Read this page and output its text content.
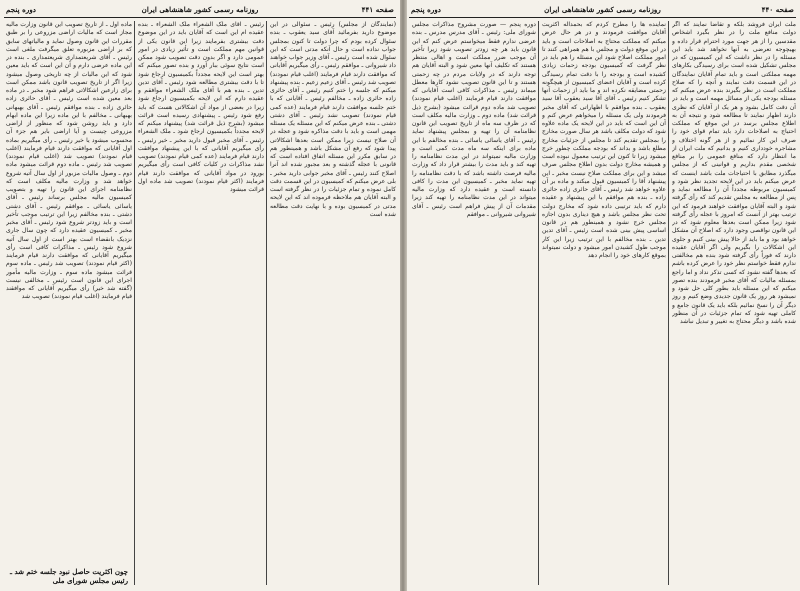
صفحه ۴۴۰
روزنامه رسمی کشور شاهنشاهی ایران
دوره پنجم
ملت ایران فروشد بلکه و تقاضا نمایند که اگر دولت منافع ملت را در نظر بگیرد اشخاص مقدسین را از هر جهت مورد احترام قرار داده و بهیچوجه تعرضی به آنها نخواهد شد باید این مسئله را در نظر داشت که این کمیسیون که در مجلس تشکیل شده است برای رسیدگی بکارهای مهمه مملکتی است و باید تمام آقایان نمایندگان در این قسمت دقت نمایند و آنچه را که صلاح مملکت است در نظر بگیرند بنده عرض میکنم که مسئله بودجه یکی از مسائل مهمه است و باید در آن دقت کامل بشود و هر یک از آقایان که نظری دارند اظهار نمایند تا مطالعه شود و نتیجه آن به اطلاع مجلس برسد در این موقع که مملکت احتیاج به اصلاحات دارد باید تمام قوای خود را صرف این کار نمائیم و از هر گونه اختلاف و مشاجره خودداری کنیم و بدانیم که ملت ایران از ما انتظار دارد که منافع عمومی را بر منافع شخصی مقدم بداریم و قوانینی که از مجلس میگذرد مطابق با احتیاجات ملت باشد اینست که عرض میکنم باید در این لایحه تجدید نظر شود و کمیسیون مربوطه مجدداً آن را مطالعه نماید و پس از مطالعه به مجلس تقدیم کند که رأی گرفته شود و البته آقایان موافقت خواهند فرمود که این ترتیب بهتر از آنست که امروز با عجله رأی گرفته شود زیرا ممکن است بعدها معلوم شود که در این قانون نواقصی وجود دارد که اصلاح آن مشکل خواهد بود و ما باید از حالا پیش بینی کنیم و جلوی این اشکالات را بگیریم ولی اگر آقایان عقیده دارند که فوراً رأی گرفته شود بنده هم مخالفتی ندارم فقط خواستم نظر خود را عرض کرده باشم که بعدها گفته نشود که کسی تذکر نداد و اما راجع بمسئله مالیات که آقای مخبر فرمودند بنده تصور میکنم که این مسئله باید بطور کلی حل شود و نمیشود هر روز یک قانون جدیدی وضع کنیم و روز دیگر آن را نسخ نمائیم بلکه باید یک قانون جامع و کاملی تهیه شود که تمام جزئیات در آن منظور شده باشد و دیگر محتاج به تغییر و تبدیل نباشد
نماینده ها را مطرح کردم که بحمداله اکثریت آقایان موافقت فرمودند و در هر حال عرض میکنم که مملکت محتاج به اصلاحات است و باید در این موقع دولت و مجلس با هم همراهی کنند تا امور مملکت اصلاح شود این مسئله را هم باید در نظر گرفت که کمیسیون بودجه زحمات زیادی کشیده است و بودجه را با دقت تمام رسیدگی کرده است و آقایان اعضای کمیسیون از هیچگونه زحمتی مضایقه نکرده اند و ما باید از زحمات آنها تشکر کنیم رئیس ـ آقای آقا سید یعقوب آقا سید یعقوب ـ بنده موافقم با اظهاراتی که آقای مخبر فرمودند ولی یک مسئله را میخواهم عرض کنم و آن این است که باید در این لایحه یک ماده علاوه شود که دولت مکلف باشد هر سال صورت مخارج را بمجلس تقدیم کند تا مجلس از جزئیات مخارج مطلع باشد و بداند که بودجه مملکت چطور خرج میشود زیرا تا کنون این ترتیب معمول نبوده است و همیشه مخارج دولت بدون اطلاع مجلس صرف میشد و این برای مملکت صلاح نیست مخبر ـ این پیشنهاد آقا را کمیسیون قبول میکند و ماده بر آن علاوه خواهد شد رئیس ـ آقای حائری زاده حائری زاده ـ بنده هم موافقم با این پیشنهاد و عقیده دارم که باید ترتیبی داده شود که مخارج دولت تحت نظر مجلس باشد و هیچ دیناری بدون اجازه مجلس خرج نشود و همینطور هم در قانون اساسی پیش بینی شده است رئیس ـ آقای تدین تدین ـ بنده مخالفم با این ترتیب زیرا این کار موجب طول کشیدن امور میشود و دولت نمیتواند بموقع کارهای خود را انجام دهد
دوره پنجم — صورت مشروح مذاکرات مجلس شورای ملی: رئیس ـ آقای مدرس مدرس ـ بنده عرضی ندارم فقط میخواستم عرض کنم که این قانون باید هر چه زودتر تصویب شود زیرا تأخیر آن موجب ضرر مملکت است و اهالی منتظر هستند که تکلیف آنها معین شود و البته آقایان هم توجه دارند که در ولایات مردم در چه زحمتی هستند و تا این قانون تصویب نشود کارها معطل میماند رئیس ـ مذاکرات کافی است آقایانی که موافقت دارند قیام فرمایند (اغلب قیام نمودند) تصویب شد ماده دوم قرائت میشود (بشرح ذیل قرائت شد) ماده دوم ـ وزارت مالیه مکلف است که در ظرف سه ماه از تاریخ تصویب این قانون نظامنامه آن را تهیه و بمجلس پیشنهاد نماید رئیس ـ آقای یاسائی یاسائی ـ بنده مخالفم با این ماده برای اینکه سه ماه مدت کمی است و وزارت مالیه نمیتواند در این مدت نظامنامه را تهیه کند و باید مدت را بیشتر قرار داد که وزارت مالیه فرصت داشته باشد که با دقت نظامنامه را تهیه نماید مخبر ـ کمیسیون این مدت را کافی دانسته است و عقیده دارد که وزارت مالیه میتواند در این مدت نظامنامه را تهیه کند زیرا مقدمات آن از پیش فراهم است رئیس ـ آقای شیروانی شیروانی ـ موافقم
صفحه ۴۴۱
روزنامه رسمی کشور شاهنشاهی ایران
دوره پنجم
(نمایندگان از مجلس) رئیس ـ سئوالی در این موضوع دارید بفرمائید آقای سید یعقوب ـ بنده سئوال کرده بودم که چرا دولت تا کنون بمجلس جواب نداده است و حال آنکه مدتی است که این سئوال شده است رئیس ـ آقای وزیر جواب خواهند داد شیروانی ـ موافقم رئیس ـ رأی میگیریم آقایانی که موافقت دارند قیام فرمایند (اغلب قیام نمودند) تصویب شد رئیس ـ آقای زعیم زعیم ـ بنده پیشنهاد میکنم که جلسه را ختم کنیم رئیس ـ آقای حائری زاده حائری زاده ـ مخالفم رئیس ـ آقایانی که با ختم جلسه موافقت دارند قیام فرمایند (عده کمی قیام نمودند) تصویب نشد رئیس ـ آقای دشتی دشتی ـ بنده عرض میکنم که این مسئله یک مسئله مهمی است و باید با دقت مذاکره شود و عجله در آن صلاح نیست زیرا ممکن است بعدها اشکالاتی پیدا شود که رفع آن مشکل باشد و همینطور هم در سابق مکرر این مسئله اتفاق افتاده است که قانونی با عجله گذشته و بعد مجبور شده اند آنرا اصلاح کنند رئیس ـ آقای مخبر جوابی دارید مخبر ـ بلی عرض میکنم که کمیسیون در این قسمت دقت کامل نموده و تمام جزئیات را در نظر گرفته است و البته آقایان هم ملاحظه فرموده اند که این لایحه مدتی در کمیسیون بوده و با نهایت دقت مطالعه شده است
رئیس ـ آقای ملک الشعراء ملک الشعراء ـ بنده عقیده ام این است که آقایان باید در این موضوع دقت بیشتری بفرمایند زیرا این قانون یکی از قوانین مهم مملکت است و تأثیر زیادی در امور عمومی دارد و اگر بدون دقت تصویب شود ممکن است نتایج سوئی ببار آورد و بنده تصور میکنم که بهتر است این لایحه مجدداً بکمیسیون ارجاع شود تا با دقت بیشتری مطالعه شود رئیس ـ آقای تدین تدین ـ بنده هم با آقای ملک الشعراء موافقم و عقیده دارم که این لایحه بکمیسیون ارجاع شود زیرا در بعضی از مواد آن اشکالاتی هست که باید رفع شود رئیس ـ پیشنهادی رسیده است قرائت میشود (بشرح ذیل قرائت شد) پیشنهاد میکنم که لایحه مجدداً بکمیسیون ارجاع شود ـ ملک الشعراء رئیس ـ آقای مخبر قبول دارید مخبر ـ خیر رئیس ـ رأی میگیریم آقایانی که با این پیشنهاد موافقت دارند قیام فرمایند (عده کمی قیام نمودند) تصویب نشد مذاکرات در کلیات کافی است رأی میگیریم بورود در مواد آقایانی که موافقت دارند قیام فرمایند (اکثر قیام نمودند) تصویب شد ماده اول قرائت میشود
ماده اول ـ از تاریخ تصویب این قانون وزارت مالیه مجاز است که مالیات اراضی مزروعی را بر طبق مقررات این قانون وصول نماید و مالیاتهای سابق که بر اراضی مزبوره تعلق میگرفت ملغی است رئیس ـ آقای شریعتمداری شریعتمداری ـ بنده در این ماده عرضی دارم و آن این است که باید معین شود که این مالیات از چه تاریخی وصول میشود زیرا اگر از تاریخ تصویب قانون باشد ممکن است برای زارعین اشکالاتی فراهم شود مخبر ـ در ماده بعد معین شده است رئیس ـ آقای حائری زاده حائری زاده ـ بنده موافقم رئیس ـ آقای بهبهانی بهبهانی ـ مخالفم با این ماده زیرا این ماده ابهام دارد و باید روشن شود که منظور از اراضی مزروعی چیست و آیا اراضی بایر هم جزء آن محسوب میشود یا خیر رئیس ـ رأی میگیریم بماده اول آقایانی که موافقت دارند قیام فرمایند (اغلب قیام نمودند) تصویب شد (اغلب قیام نمودند) تصویب شد رئیس ـ ماده دوم قرائت میشود ماده دوم ـ وصول مالیات مزبور از اول سال آتیه شروع خواهد شد و وزارت مالیه مکلف است که نظامنامه اجرای این قانون را تهیه و بتصویب کمیسیون مالیه مجلس برساند رئیس ـ آقای یاسائی یاسائی ـ موافقم رئیس ـ آقای دشتی دشتی ـ بنده مخالفم زیرا این ترتیب موجب تأخیر است و باید زودتر شروع شود رئیس ـ آقای مخبر مخبر ـ کمیسیون عقیده دارد که چون سال جاری نزدیک بانقضاء است بهتر است از اول سال آتیه شروع شود رئیس ـ مذاکرات کافی است رأی میگیریم آقایانی که موافقت دارند قیام فرمایند (اکثر قیام نمودند) تصویب شد رئیس ـ ماده سوم قرائت میشود ماده سوم ـ وزارت مالیه مأمور اجرای این قانون است رئیس ـ مخالفی نیست (گفته شد خیر) رأی میگیریم آقایانی که موافقند قیام فرمایند (اغلب قیام نمودند) تصویب شد
چون اکثریت حاصل نبود جلسه ختم شد ـ رئیس مجلس شورای ملی
